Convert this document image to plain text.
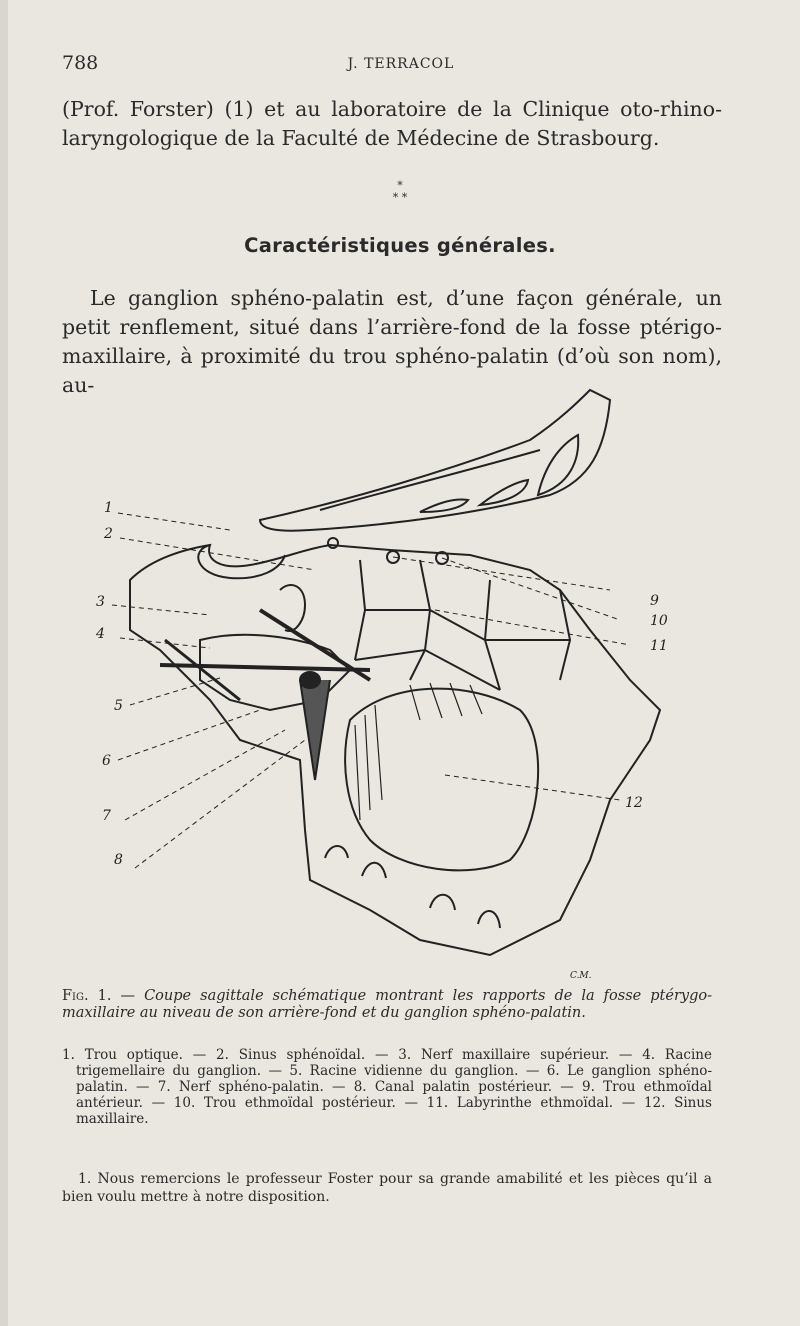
788	J. TERRACOL

(Prof. Forster) (1) et au laboratoire de la Clinique oto-rhino-laryngologique de la Faculté de Médecine de Strasbourg.

*
* *
Caractéristiques générales.

Le ganglion sphéno-palatin est, d’une façon générale, un petit renflement, situé dans l’arrière-fond de la fosse ptérigo-maxillaire, à proximité du trou sphéno-palatin (d’où son nom), au-

1
2
3
4
5
6
7
8
9
10
11
12
C.M.

Fig. 1. — Coupe sagittale schématique montrant les rapports de la fosse ptérygo-maxillaire au niveau de son arrière-fond et du ganglion sphéno-palatin.

1. Trou optique. — 2. Sinus sphénoïdal. — 3. Nerf maxillaire supérieur. — 4. Racine trigemellaire du ganglion. — 5. Racine vidienne du ganglion. — 6. Le ganglion sphéno-palatin. — 7. Nerf sphéno-palatin. — 8. Canal palatin postérieur. — 9. Trou ethmoïdal antérieur. — 10. Trou ethmoïdal postérieur. — 11. Labyrinthe ethmoïdal. — 12. Sinus maxillaire.

1. Nous remercions le professeur Foster pour sa grande amabilité et les pièces qu’il a bien voulu mettre à notre disposition.
